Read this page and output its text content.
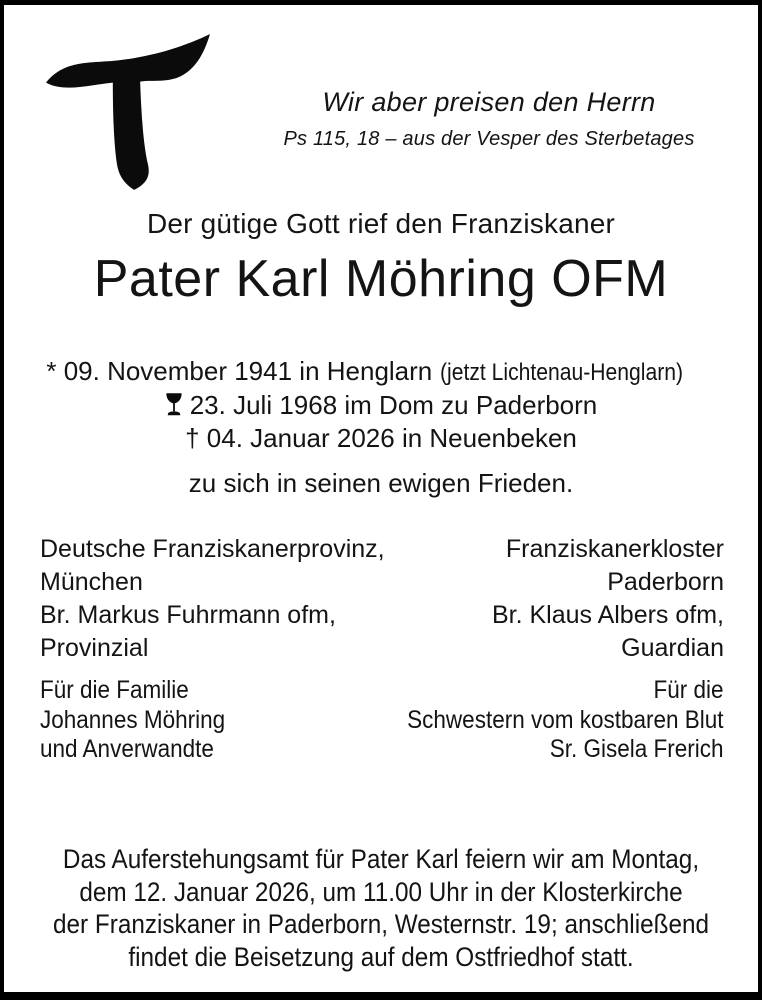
Wir aber preisen den Herrn
Ps 115, 18 – aus der Vesper des Sterbetages
Der gütige Gott rief den Franziskaner
Pater Karl Möhring OFM
* 09. November 1941 in Henglarn (jetzt Lichtenau-Henglarn)
23. Juli 1968 im Dom zu Paderborn
† 04. Januar 2026 in Neuenbeken
zu sich in seinen ewigen Frieden.
Deutsche Franziskanerprovinz,
München
Br. Markus Fuhrmann ofm,
Provinzial
Franziskanerkloster
Paderborn
Br. Klaus Albers ofm,
Guardian
Für die Familie
Johannes Möhring
und Anverwandte
Für die
Schwestern vom kostbaren Blut
Sr. Gisela Frerich
Das Auferstehungsamt für Pater Karl feiern wir am Montag,
dem 12. Januar 2026, um 11.00 Uhr in der Klosterkirche
der Franziskaner in Paderborn, Westernstr. 19; anschließend
findet die Beisetzung auf dem Ostfriedhof statt.
